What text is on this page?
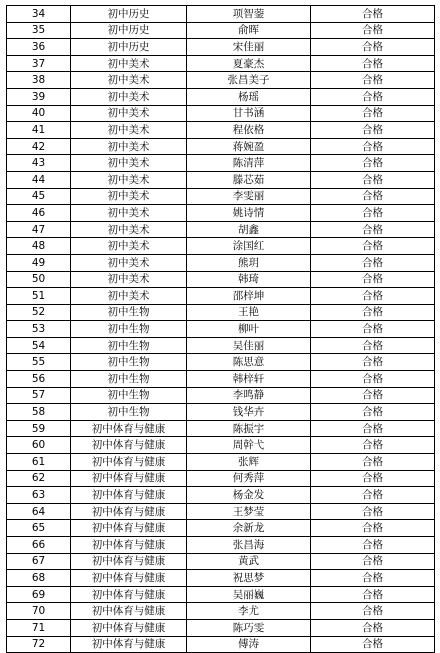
34	初中历史	项智蓥	合格
35	初中历史	俞晖	合格
36	初中历史	宋佳丽	合格
37	初中美术	夏豪杰	合格
38	初中美术	张昌美子	合格
39	初中美术	杨瑶	合格
40	初中美术	甘书涵	合格
41	初中美术	程依格	合格
42	初中美术	蒋婉盈	合格
43	初中美术	陈清萍	合格
44	初中美术	滕芯茹	合格
45	初中美术	李雯丽	合格
46	初中美术	姚诗情	合格
47	初中美术	胡鑫	合格
48	初中美术	涂国红	合格
49	初中美术	熊玥	合格
50	初中美术	韩琦	合格
51	初中美术	邵梓坤	合格
52	初中生物	王艳	合格
53	初中生物	柳叶	合格
54	初中生物	吴佳丽	合格
55	初中生物	陈思意	合格
56	初中生物	韩梓轩	合格
57	初中生物	李鸣静	合格
58	初中生物	钱华卉	合格
59	初中体育与健康	陈振宇	合格
60	初中体育与健康	周幹弋	合格
61	初中体育与健康	张辉	合格
62	初中体育与健康	何秀萍	合格
63	初中体育与健康	杨金发	合格
64	初中体育与健康	王梦莹	合格
65	初中体育与健康	余新龙	合格
66	初中体育与健康	张昌海	合格
67	初中体育与健康	黄武	合格
68	初中体育与健康	祝思梦	合格
69	初中体育与健康	吴丽巍	合格
70	初中体育与健康	李尤	合格
71	初中体育与健康	陈巧雯	合格
72	初中体育与健康	傅涛	合格
